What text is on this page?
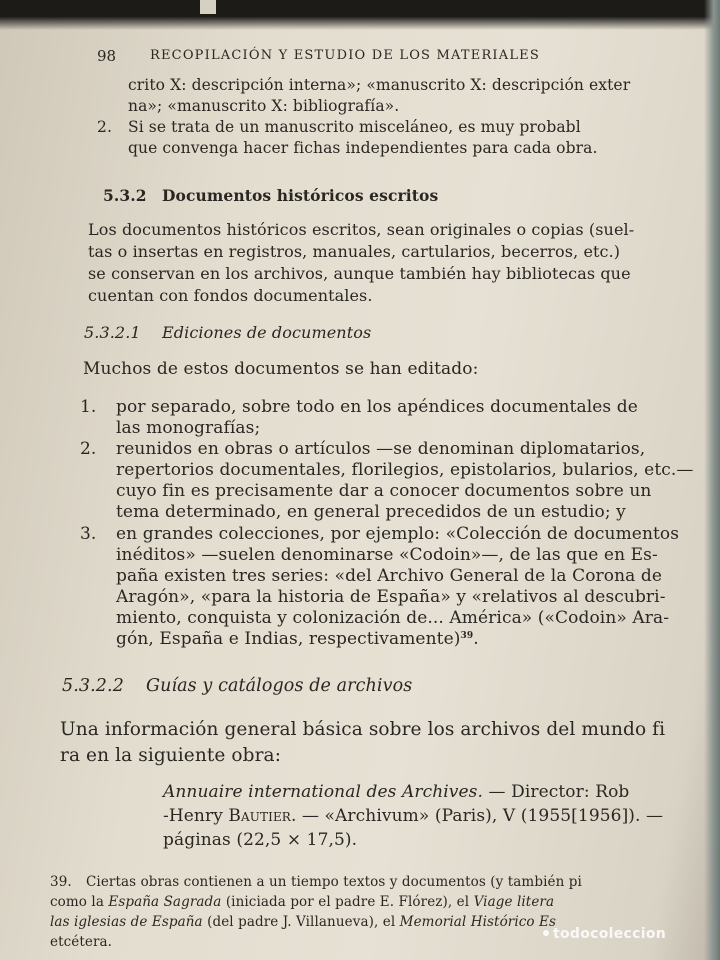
98	RECOPILACIÓN Y ESTUDIO DE LOS MATERIALES
crito X: descripción interna»; «manuscrito X: descripción exter
na»; «manuscrito X: bibliografía».
2. Si se trata de un manuscrito misceláneo, es muy probabl
que convenga hacer fichas independientes para cada obra.
5.3.2 Documentos históricos escritos
Los documentos históricos escritos, sean originales o copias (suel-
tas o insertas en registros, manuales, cartularios, becerros, etc.)
se conservan en los archivos, aunque también hay bibliotecas que
cuentan con fondos documentales.
5.3.2.1 Ediciones de documentos
Muchos de estos documentos se han editado:
1. por separado, sobre todo en los apéndices documentales de
las monografías;
2. reunidos en obras o artículos —se denominan diplomatarios,
repertorios documentales, florilegios, epistolarios, bularios, etc.—
cuyo fin es precisamente dar a conocer documentos sobre un
tema determinado, en general precedidos de un estudio; y
3. en grandes colecciones, por ejemplo: «Colección de documentos
inéditos» —suelen denominarse «Codoin»—, de las que en Es-
paña existen tres series: «del Archivo General de la Corona de
Aragón», «para la historia de España» y «relativos al descubri-
miento, conquista y colonización de... América» («Codoin» Ara-
gón, España e Indias, respectivamente)$^{39}$.
5.3.2.2 Guías y catálogos de archivos
Una información general básica sobre los archivos del mundo fi
ra en la siguiente obra:
Annuaire international des Archives. — Director: Rob
-Henry Bautier. — «Archivum» (Paris), V (1955[1956]). —
páginas (22,5 × 17,5).
39. Ciertas obras contienen a un tiempo textos y documentos (y también pi
como la España Sagrada (iniciada por el padre E. Flórez), el Viage litera
las iglesias de España (del padre J. Villanueva), el Memorial Histórico Es
etcétera.	todocoleccion
